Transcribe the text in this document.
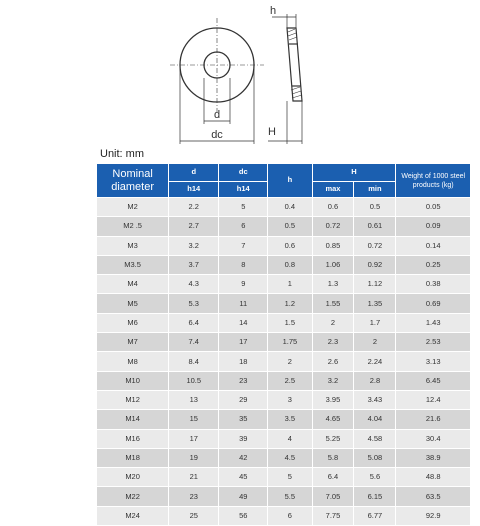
d
dc
h
H
Unit: mm
Nominal diameter	d	dc	h	H		Weight of 1000 steel products (kg)
	h14	h14		max	min	
M2	2.2	5	0.4	0.6	0.5	0.05
M2 .5	2.7	6	0.5	0.72	0.61	0.09
M3	3.2	7	0.6	0.85	0.72	0.14
M3.5	3.7	8	0.8	1.06	0.92	0.25
M4	4.3	9	1	1.3	1.12	0.38
M5	5.3	11	1.2	1.55	1.35	0.69
M6	6.4	14	1.5	2	1.7	1.43
M7	7.4	17	1.75	2.3	2	2.53
M8	8.4	18	2	2.6	2.24	3.13
M10	10.5	23	2.5	3.2	2.8	6.45
M12	13	29	3	3.95	3.43	12.4
M14	15	35	3.5	4.65	4.04	21.6
M16	17	39	4	5.25	4.58	30.4
M18	19	42	4.5	5.8	5.08	38.9
M20	21	45	5	6.4	5.6	48.8
M22	23	49	5.5	7.05	6.15	63.5
M24	25	56	6	7.75	6.77	92.9
